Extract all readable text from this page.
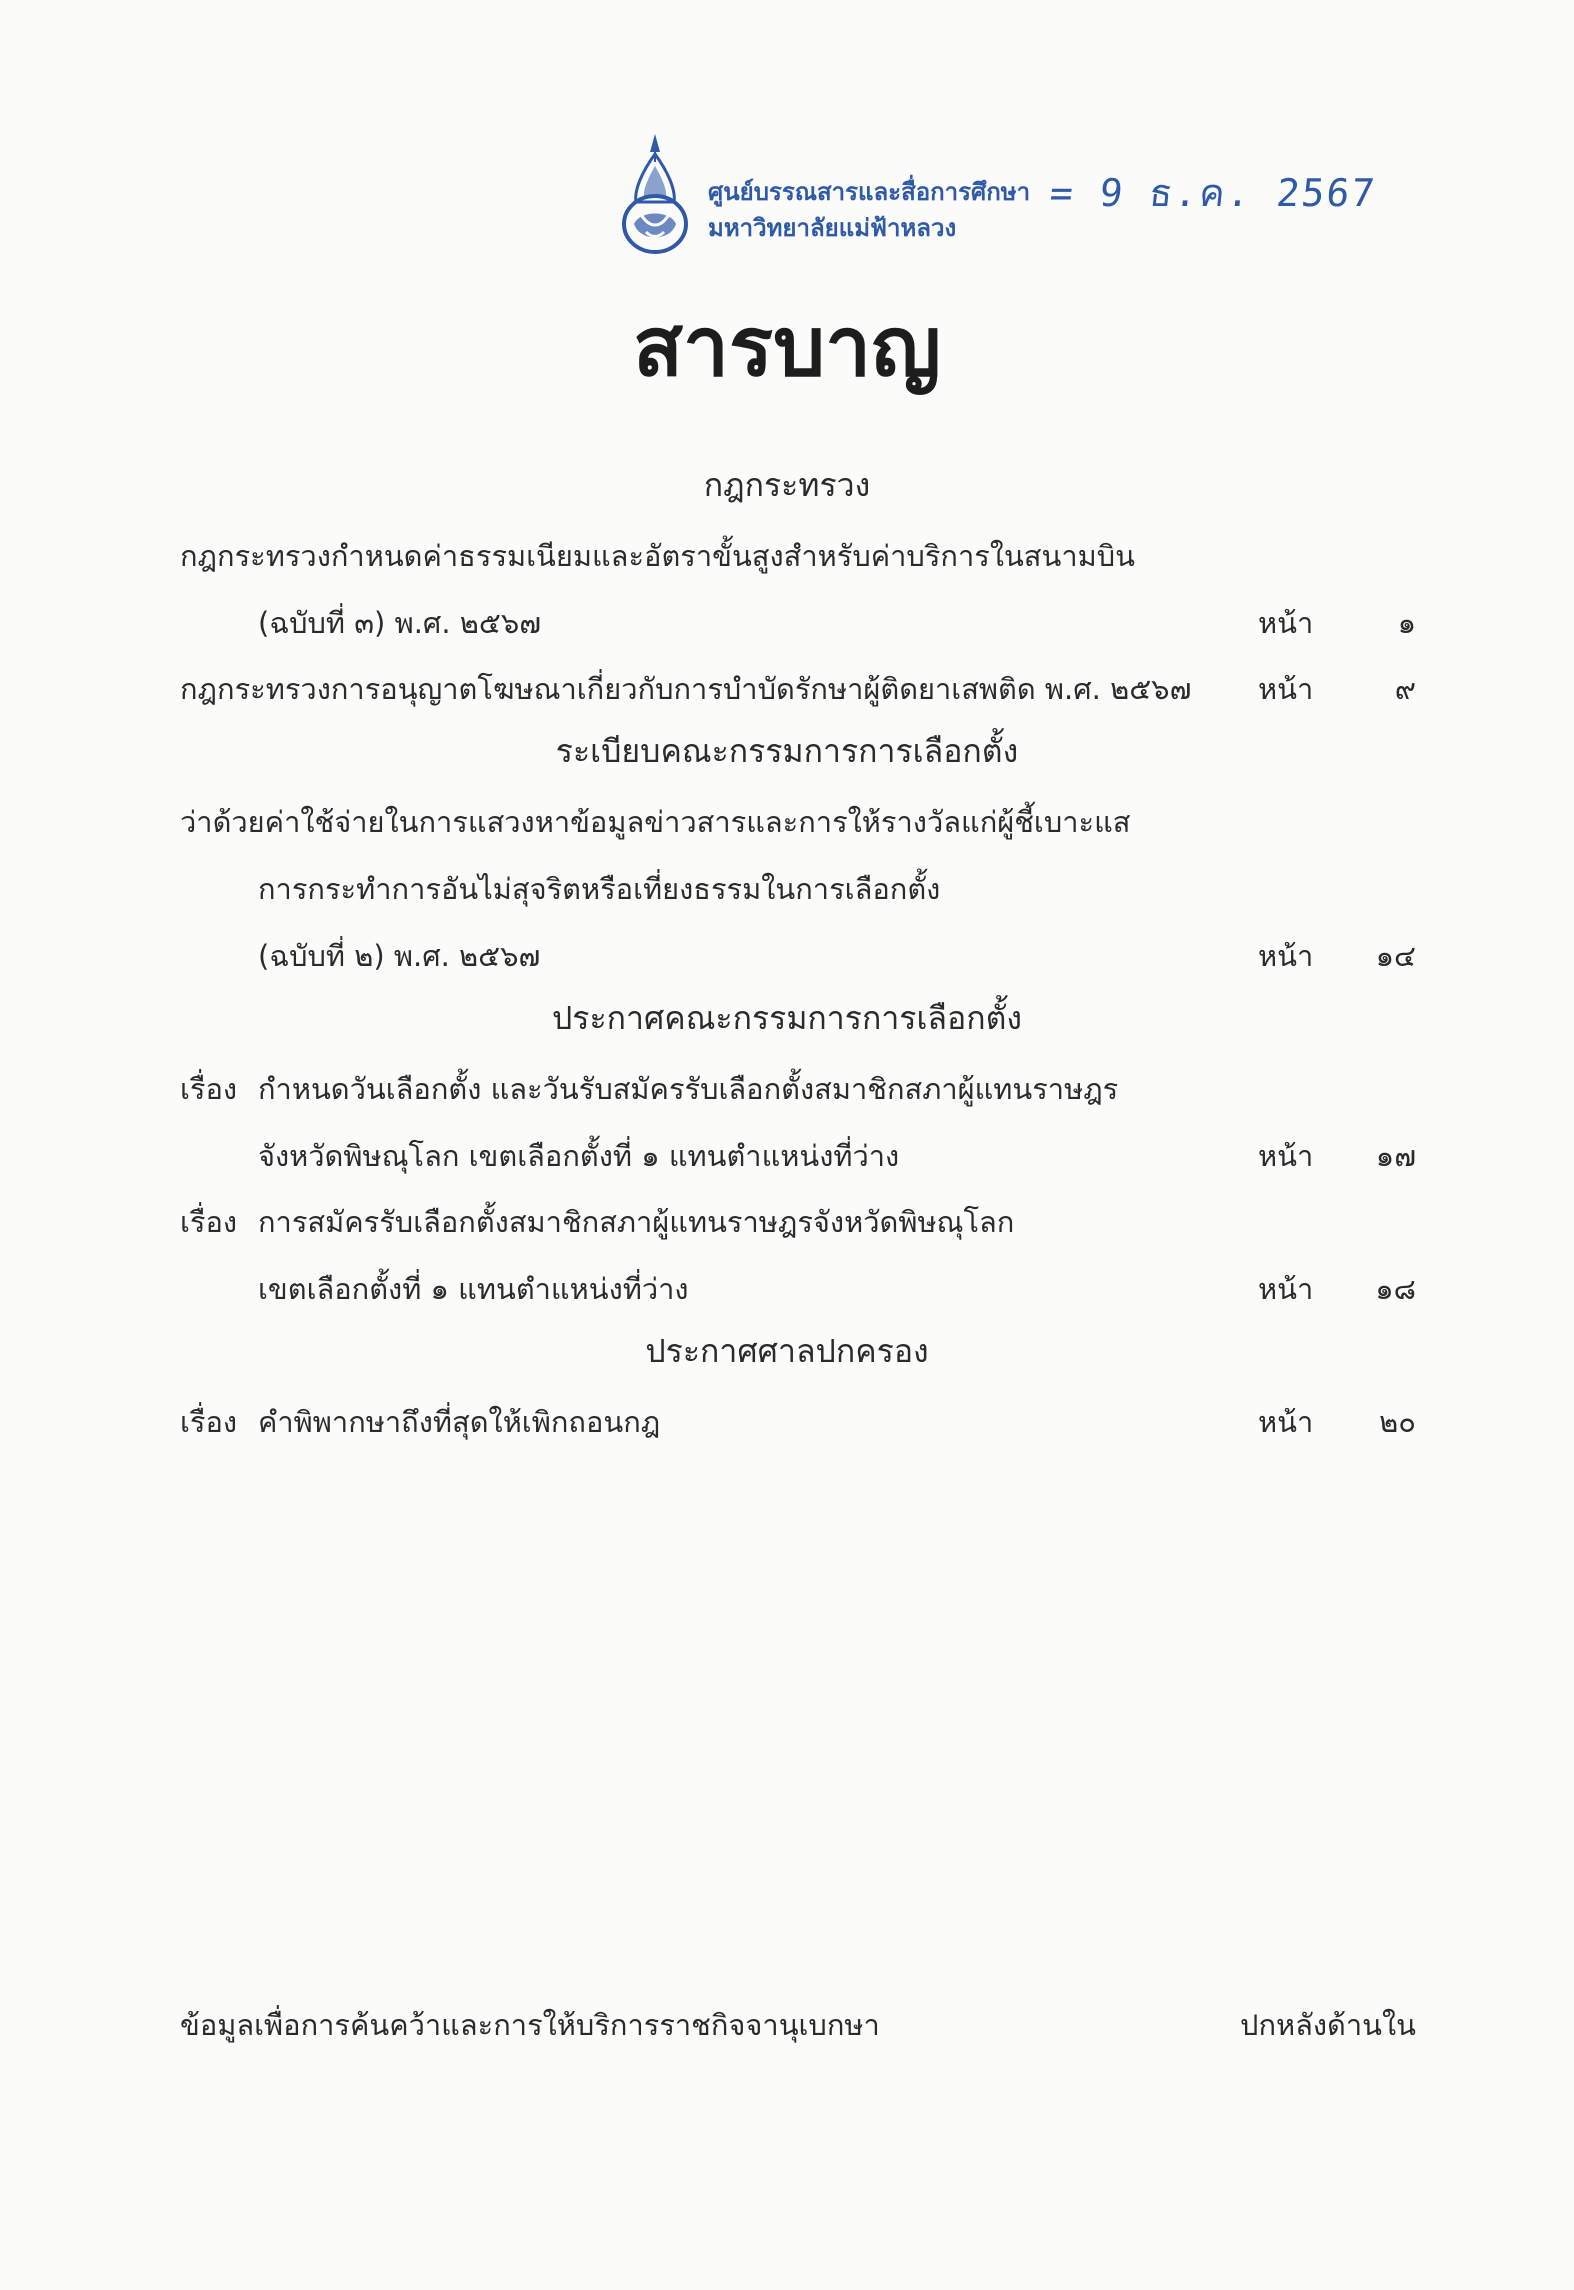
ศูนย์บรรณสารและสื่อการศึกษา
มหาวิทยาลัยแม่ฟ้าหลวง
= 9 ธ.ค. 2567
สารบาญ
กฎกระทรวง
กฎกระทรวงกำหนดค่าธรรมเนียมและอัตราขั้นสูงสำหรับค่าบริการในสนามบิน
(ฉบับที่ ๓) พ.ศ. ๒๕๖๗	หน้า	๑
กฎกระทรวงการอนุญาตโฆษณาเกี่ยวกับการบำบัดรักษาผู้ติดยาเสพติด พ.ศ. ๒๕๖๗ หน้า	๙
ระเบียบคณะกรรมการการเลือกตั้ง
ว่าด้วยค่าใช้จ่ายในการแสวงหาข้อมูลข่าวสารและการให้รางวัลแก่ผู้ชี้เบาะแส
การกระทำการอันไม่สุจริตหรือเที่ยงธรรมในการเลือกตั้ง
(ฉบับที่ ๒) พ.ศ. ๒๕๖๗	หน้า ๑๔
ประกาศคณะกรรมการการเลือกตั้ง
เรื่อง กำหนดวันเลือกตั้ง และวันรับสมัครรับเลือกตั้งสมาชิกสภาผู้แทนราษฎร
จังหวัดพิษณุโลก เขตเลือกตั้งที่ ๑ แทนตำแหน่งที่ว่าง	หน้า ๑๗
เรื่อง การสมัครรับเลือกตั้งสมาชิกสภาผู้แทนราษฎรจังหวัดพิษณุโลก
เขตเลือกตั้งที่ ๑ แทนตำแหน่งที่ว่าง	หน้า ๑๘
ประกาศศาลปกครอง
เรื่อง คำพิพากษาถึงที่สุดให้เพิกถอนกฎ	หน้า ๒๐
ข้อมูลเพื่อการค้นคว้าและการให้บริการราชกิจจานุเบกษา	ปกหลังด้านใน
